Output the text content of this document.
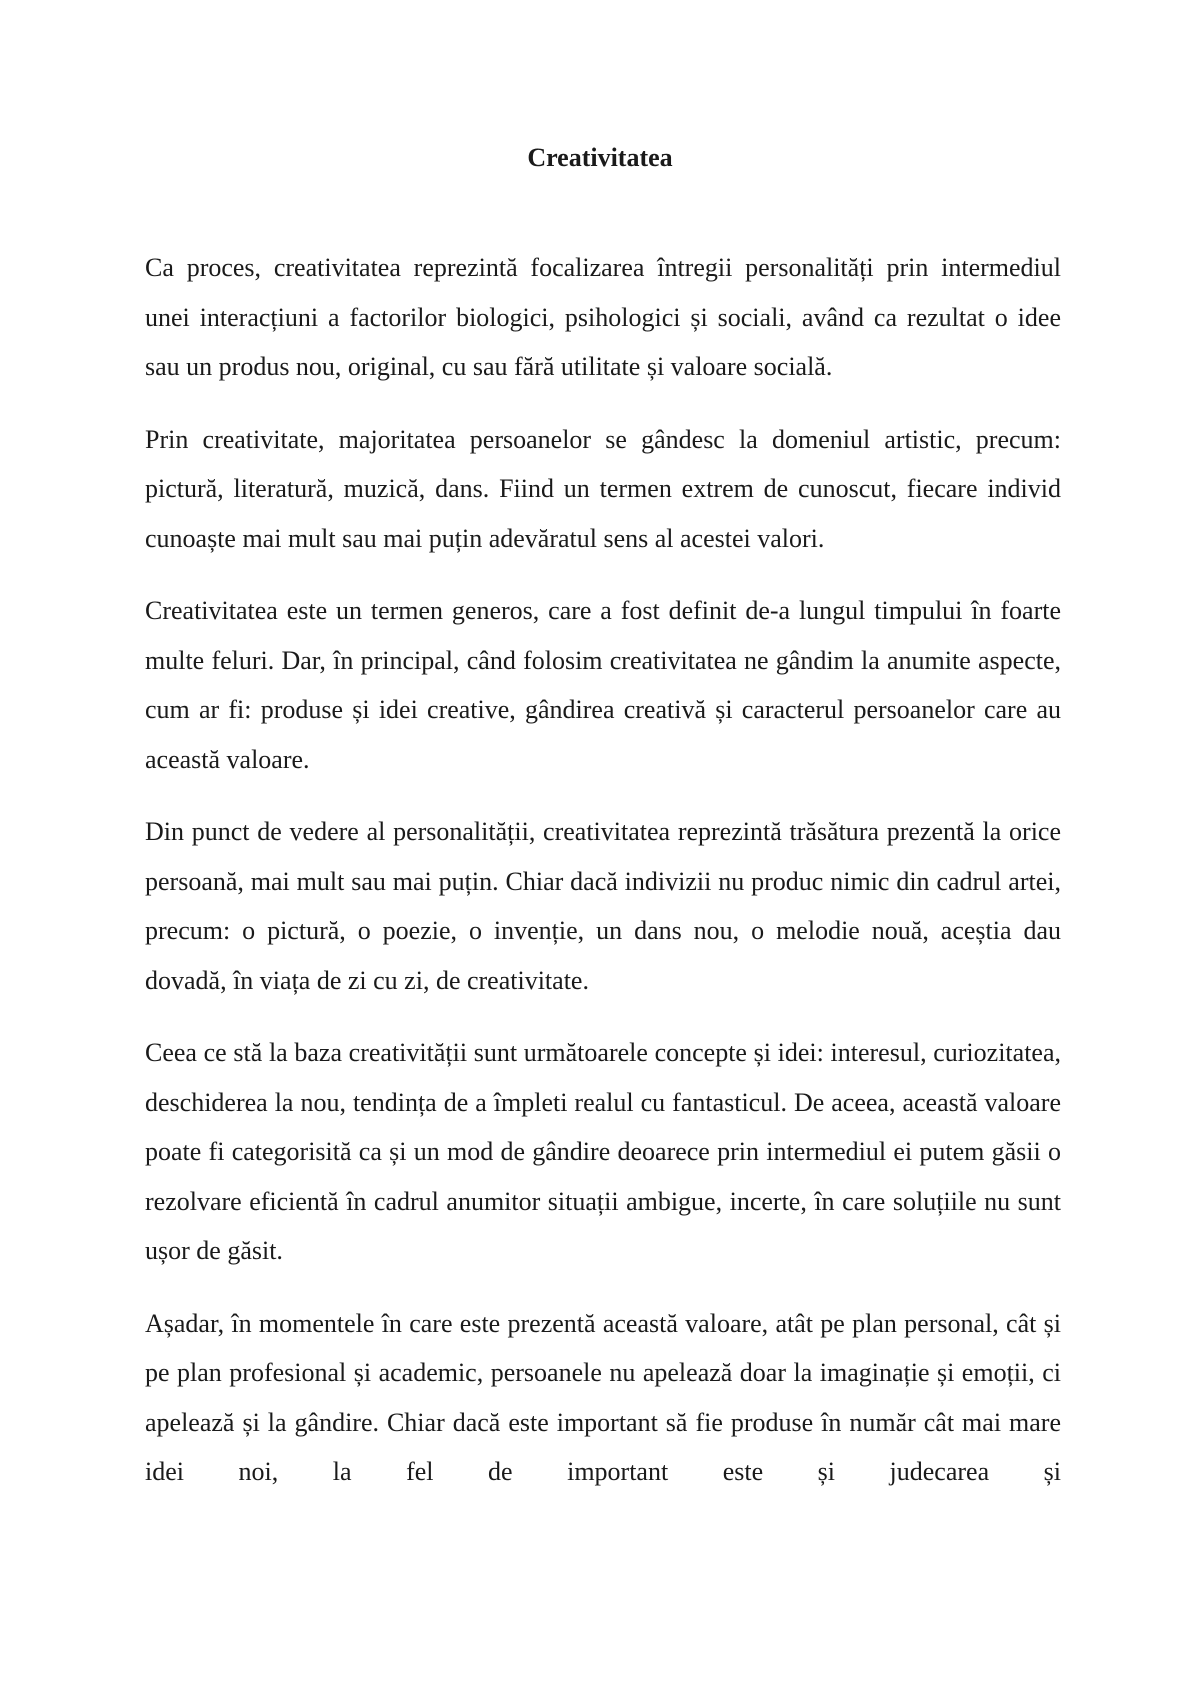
Creativitatea

Ca proces, creativitatea reprezintă focalizarea întregii personalități prin intermediul unei interacțiuni a factorilor biologici, psihologici și sociali, având ca rezultat o idee sau un produs nou, original, cu sau fără utilitate și valoare socială.

Prin creativitate, majoritatea persoanelor se gândesc la domeniul artistic, precum: pictură, literatură, muzică, dans. Fiind un termen extrem de cunoscut, fiecare individ cunoaște mai mult sau mai puțin adevăratul sens al acestei valori.

Creativitatea este un termen generos, care a fost definit de-a lungul timpului în foarte multe feluri. Dar, în principal, când folosim creativitatea ne gândim la anumite aspecte, cum ar fi: produse și idei creative, gândirea creativă și caracterul persoanelor care au această valoare.

Din punct de vedere al personalității, creativitatea reprezintă trăsătura prezentă la orice persoană, mai mult sau mai puțin. Chiar dacă indivizii nu produc nimic din cadrul artei, precum: o pictură, o poezie, o invenție, un dans nou, o melodie nouă, aceștia dau dovadă, în viața de zi cu zi, de creativitate.

Ceea ce stă la baza creativității sunt următoarele concepte și idei: interesul, curiozitatea, deschiderea la nou, tendința de a împleti realul cu fantasticul. De aceea, această valoare poate fi categorisită ca și un mod de gândire deoarece prin intermediul ei putem găsii o rezolvare eficientă în cadrul anumitor situații ambigue, incerte, în care soluțiile nu sunt ușor de găsit.

Așadar, în momentele în care este prezentă această valoare, atât pe plan personal, cât și pe plan profesional și academic, persoanele nu apelează doar la imaginație și emoții, ci apelează și la gândire. Chiar dacă este important să fie produse în număr cât mai mare idei noi, la fel de important este și judecarea și
